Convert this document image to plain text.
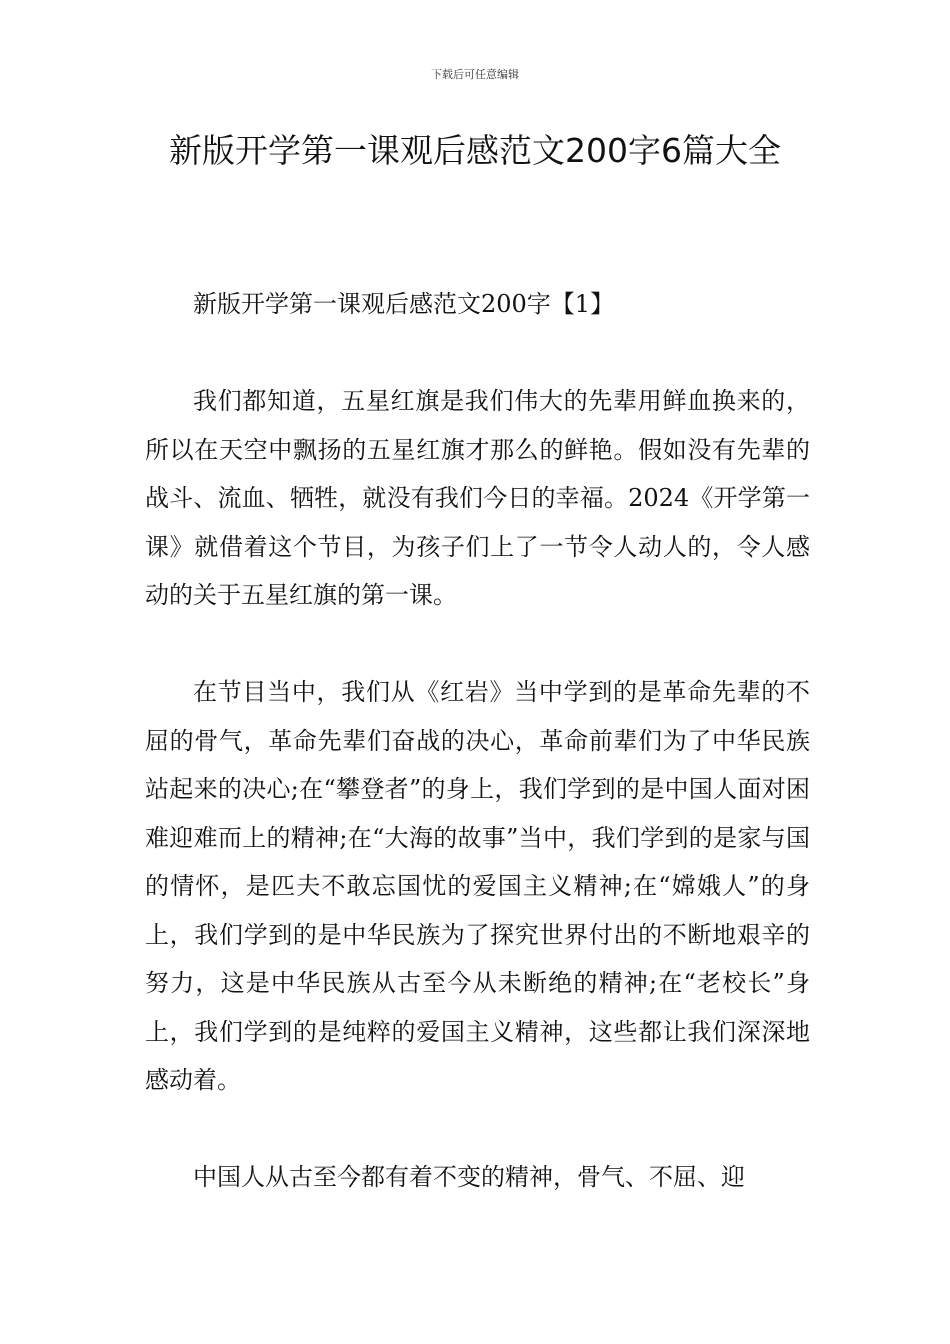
下载后可任意编辑
新版开学第一课观后感范文200字6篇大全

新版开学第一课观后感范文200字【1】

我们都知道，五星红旗是我们伟大的先辈用鲜血换来的，所以在天空中飘扬的五星红旗才那么的鲜艳。假如没有先辈的战斗、流血、牺牲，就没有我们今日的幸福。2024《开学第一课》就借着这个节目，为孩子们上了一节令人动人的，令人感动的关于五星红旗的第一课。

在节目当中，我们从《红岩》当中学到的是革命先辈的不屈的骨气，革命先辈们奋战的决心，革命前辈们为了中华民族站起来的决心;在“攀登者”的身上，我们学到的是中国人面对困难迎难而上的精神;在“大海的故事”当中，我们学到的是家与国的情怀，是匹夫不敢忘国忧的爱国主义精神;在“嫦娥人”的身上，我们学到的是中华民族为了探究世界付出的不断地艰辛的努力，这是中华民族从古至今从未断绝的精神;在“老校长”身上，我们学到的是纯粹的爱国主义精神，这些都让我们深深地感动着。

中国人从古至今都有着不变的精神，骨气、不屈、迎
